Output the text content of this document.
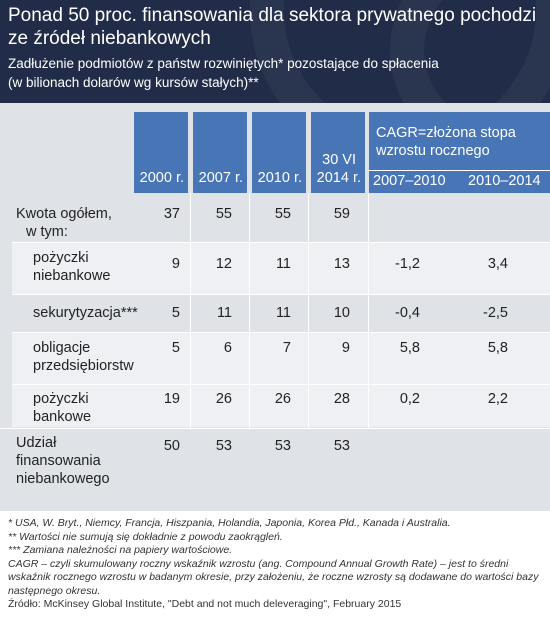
Ponad 50 proc. finansowania dla sektora prywatnego pochodzi ze źródeł niebankowych
Zadłużenie podmiotów z państw rozwiniętych* pozostające do spłacenia
(w bilionach dolarów wg kursów stałych)**
2000 r. 2007 r. 2010 r.
30 VI
2014 r.
CAGR=złożona stopa
wzrostu rocznego
2007–2010 2010–2014
Kwota ogółem,
w tym:
37	55	55	59
pożyczki
niebankowe
9	12	11	13	-1,2	3,4
sekurytyzacja***	5	11	11	10	-0,4	-2,5
obligacje
przedsiębiorstw
5	6	7	9	5,8	5,8
pożyczki
bankowe
19	26	26	28	0,2	2,2
Udział
finansowania
niebankowego
50	53	53	53
* USA, W. Bryt., Niemcy, Francja, Hiszpania, Holandia, Japonia, Korea Płd., Kanada i Australia.
** Wartości nie sumują się dokładnie z powodu zaokrągleń.
*** Zamiana należności na papiery wartościowe.
CAGR – czyli skumulowany roczny wskaźnik wzrostu (ang. Compound Annual Growth Rate) – jest to średni wskaźnik rocznego wzrostu w badanym okresie, przy założeniu, że roczne wzrosty są dodawane do wartości bazy następnego okresu.
Źródło: McKinsey Global Institute, "Debt and not much deleveraging", February 2015
